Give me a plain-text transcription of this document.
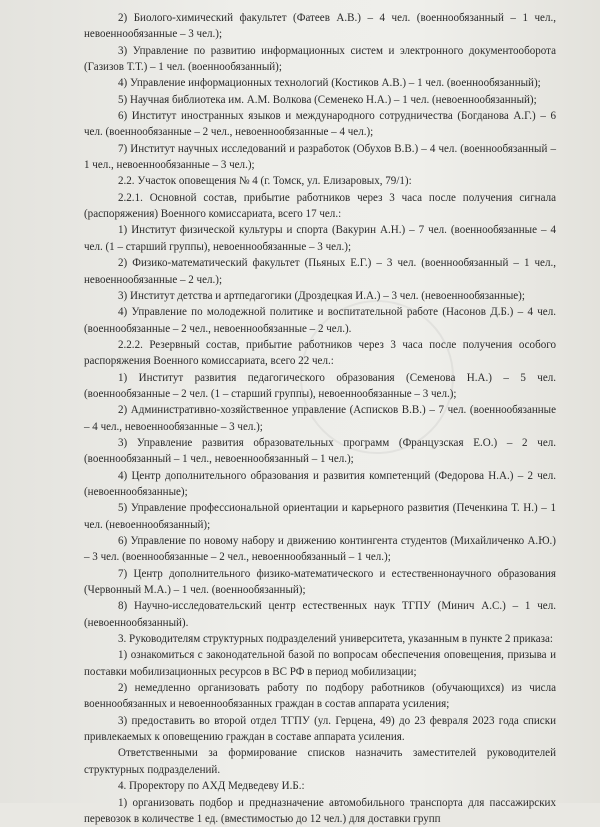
2) Биолого-химический факультет (Фатеев А.В.) – 4 чел. (военнообязанный – 1 чел., невоеннообязанные – 3 чел.);

3) Управление по развитию информационных систем и электронного документооборота (Газизов Т.Т.) – 1 чел. (военнообязанный);

4) Управление информационных технологий (Костиков А.В.) – 1 чел. (военнообязанный);

5) Научная библиотека им. А.М. Волкова (Семенеко Н.А.) – 1 чел. (невоеннообязанный);

6) Институт иностранных языков и международного сотрудничества (Богданова А.Г.) – 6 чел. (военнообязанные – 2 чел., невоеннообязанные – 4 чел.);

7) Институт научных исследований и разработок (Обухов В.В.) – 4 чел. (военнообязанный – 1 чел., невоеннообязанные – 3 чел.);

2.2. Участок оповещения № 4 (г. Томск, ул. Елизаровых, 79/1):

2.2.1. Основной состав, прибытие работников через 3 часа после получения сигнала (распоряжения) Военного комиссариата, всего 17 чел.:

1) Институт физической культуры и спорта (Вакурин А.Н.) – 7 чел. (военнообязанные – 4 чел. (1 – старший группы), невоеннообязанные – 3 чел.);

2) Физико-математический факультет (Пьяных Е.Г.) – 3 чел. (военнообязанный – 1 чел., невоеннообязанные – 2 чел.);

3) Институт детства и артпедагогики (Дроздецкая И.А.) – 3 чел. (невоеннообязанные);

4) Управление по молодежной политике и воспитательной работе (Насонов Д.Б.) – 4 чел. (военнообязанные – 2 чел., невоеннообязанные – 2 чел.).

2.2.2. Резервный состав, прибытие работников через 3 часа после получения особого распоряжения Военного комиссариата, всего 22 чел.:

1) Институт развития педагогического образования (Семенова Н.А.) – 5 чел. (военнообязанные – 2 чел. (1 – старший группы), невоеннообязанные – 3 чел.);

2) Административно-хозяйственное управление (Асписков В.В.) – 7 чел. (военнообязанные – 4 чел., невоеннообязанные – 3 чел.);

3) Управление развития образовательных программ (Французская Е.О.) – 2 чел. (военнообязанный – 1 чел., невоеннообязанный – 1 чел.);

4) Центр дополнительного образования и развития компетенций (Федорова Н.А.) – 2 чел. (невоеннообязанные);

5) Управление профессиональной ориентации и карьерного развития (Печенкина Т. Н.) – 1 чел. (невоеннообязанный);

6) Управление по новому набору и движению контингента студентов (Михайличенко А.Ю.) – 3 чел. (военнообязанные – 2 чел., невоеннообязанный – 1 чел.);

7) Центр дополнительного физико-математического и естественнонаучного образования (Червонный М.А.) – 1 чел. (военнообязанный);

8) Научно-исследовательский центр естественных наук ТГПУ (Минич А.С.) – 1 чел. (невоеннообязанный).

3. Руководителям структурных подразделений университета, указанным в пункте 2 приказа:

1) ознакомиться с законодательной базой по вопросам обеспечения оповещения, призыва и поставки мобилизационных ресурсов в ВС РФ в период мобилизации;

2) немедленно организовать работу по подбору работников (обучающихся) из числа военнообязанных и невоеннообязанных граждан в состав аппарата усиления;

3) предоставить во второй отдел ТГПУ (ул. Герцена, 49) до 23 февраля 2023 года списки привлекаемых к оповещению граждан в составе аппарата усиления.

Ответственными за формирование списков назначить заместителей руководителей структурных подразделений.

4. Проректору по АХД Медведеву И.Б.:

1) организовать подбор и предназначение автомобильного транспорта для пассажирских перевозок в количестве 1 ед. (вместимостью до 12 чел.) для доставки групп
